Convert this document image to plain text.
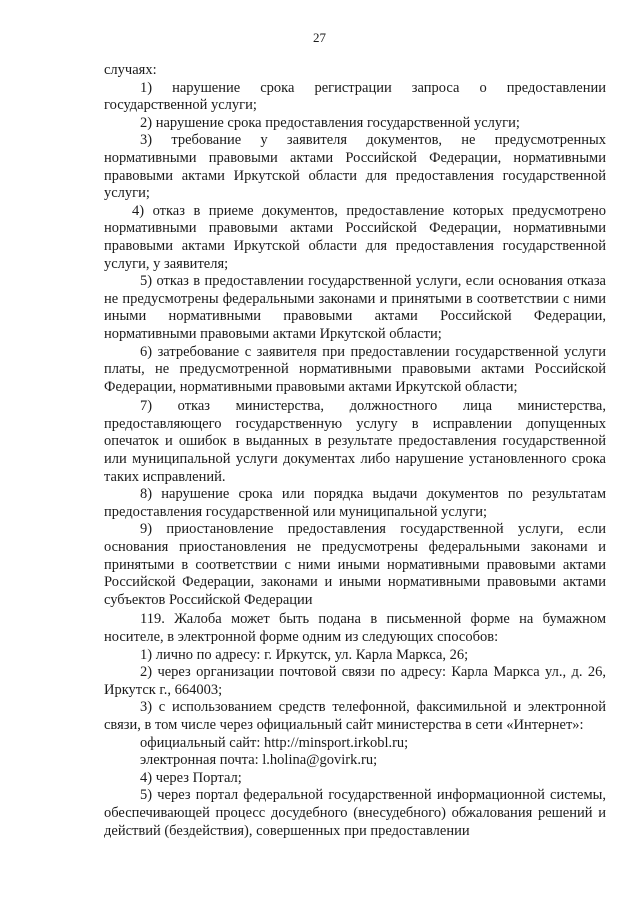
27

случаях:

1) нарушение срока регистрации запроса о предоставлении государственной услуги;

2) нарушение срока предоставления государственной услуги;

3) требование у заявителя документов, не предусмотренных нормативными правовыми актами Российской Федерации, нормативными правовыми актами Иркутской области для предоставления государственной услуги;

4) отказ в приеме документов, предоставление которых предусмотрено нормативными правовыми актами Российской Федерации, нормативными правовыми актами Иркутской области для предоставления государственной услуги, у заявителя;

5) отказ в предоставлении государственной услуги, если основания отказа не предусмотрены федеральными законами и принятыми в соответствии с ними иными нормативными правовыми актами Российской Федерации, нормативными правовыми актами Иркутской области;

6) затребование с заявителя при предоставлении государственной услуги платы, не предусмотренной нормативными правовыми актами Российской Федерации, нормативными правовыми актами Иркутской области;

7) отказ министерства, должностного лица министерства, предоставляющего государственную услугу в исправлении допущенных опечаток и ошибок в выданных в результате предоставления государственной или муниципальной услуги документах либо нарушение установленного срока таких исправлений.

8) нарушение срока или порядка выдачи документов по результатам предоставления государственной или муниципальной услуги;

9) приостановление предоставления государственной услуги, если основания приостановления не предусмотрены федеральными законами и принятыми в соответствии с ними иными нормативными правовыми актами Российской Федерации, законами и иными нормативными правовыми актами субъектов Российской Федерации

119. Жалоба может быть подана в письменной форме на бумажном носителе, в электронной форме одним из следующих способов:

1) лично по адресу: г. Иркутск, ул. Карла Маркса, 26;

2) через организации почтовой связи по адресу: Карла Маркса ул., д. 26, Иркутск г., 664003;

3) с использованием средств телефонной, факсимильной и электронной связи, в том числе через официальный сайт министерства в сети «Интернет»:

официальный сайт: http://minsport.irkobl.ru;

электронная почта: l.holina@govirk.ru;

4) через Портал;

5) через портал федеральной государственной информационной системы, обеспечивающей процесс досудебного (внесудебного) обжалования решений и действий (бездействия), совершенных при предоставлении
